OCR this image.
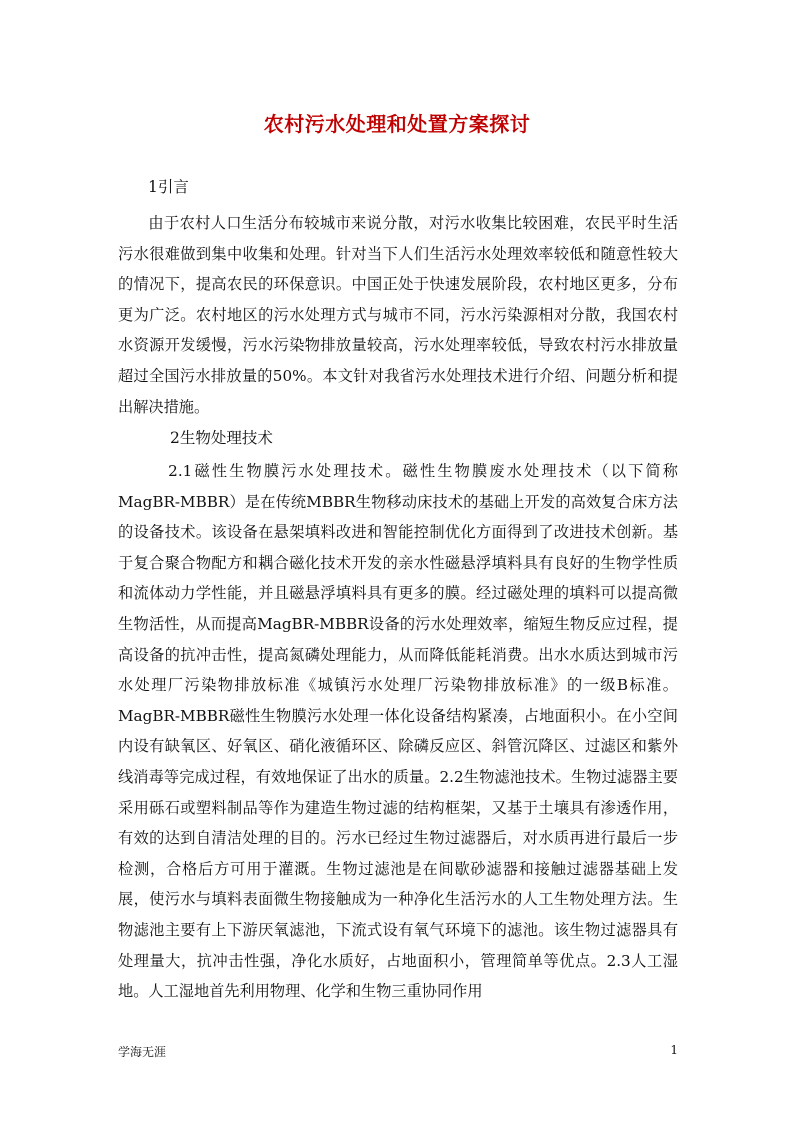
农村污水处理和处置方案探讨
1引言
由于农村人口生活分布较城市来说分散，对污水收集比较困难，农民平时生活污水很难做到集中收集和处理。针对当下人们生活污水处理效率较低和随意性较大的情况下，提高农民的环保意识。中国正处于快速发展阶段，农村地区更多，分布更为广泛。农村地区的污水处理方式与城市不同，污水污染源相对分散，我国农村水资源开发缓慢，污水污染物排放量较高，污水处理率较低，导致农村污水排放量超过全国污水排放量的50%。本文针对我省污水处理技术进行介绍、问题分析和提出解决措施。
2生物处理技术
2.1磁性生物膜污水处理技术。磁性生物膜废水处理技术（以下简称MagBR-MBBR）是在传统MBBR生物移动床技术的基础上开发的高效复合床方法的设备技术。该设备在悬架填料改进和智能控制优化方面得到了改进技术创新。基于复合聚合物配方和耦合磁化技术开发的亲水性磁悬浮填料具有良好的生物学性质和流体动力学性能，并且磁悬浮填料具有更多的膜。经过磁处理的填料可以提高微生物活性，从而提高MagBR-MBBR设备的污水处理效率，缩短生物反应过程，提高设备的抗冲击性，提高氮磷处理能力，从而降低能耗消费。出水水质达到城市污水处理厂污染物排放标准《城镇污水处理厂污染物排放标准》的一级B标准。MagBR-MBBR磁性生物膜污水处理一体化设备结构紧凑，占地面积小。在小空间内设有缺氧区、好氧区、硝化液循环区、除磷反应区、斜管沉降区、过滤区和紫外线消毒等完成过程，有效地保证了出水的质量。2.2生物滤池技术。生物过滤器主要采用砾石或塑料制品等作为建造生物过滤的结构框架，又基于土壤具有渗透作用，有效的达到自清洁处理的目的。污水已经过生物过滤器后，对水质再进行最后一步检测，合格后方可用于灌溉。生物过滤池是在间歇砂滤器和接触过滤器基础上发展，使污水与填料表面微生物接触成为一种净化生活污水的人工生物处理方法。生物滤池主要有上下游厌氧滤池，下流式设有氧气环境下的滤池。该生物过滤器具有处理量大，抗冲击性强，净化水质好，占地面积小，管理简单等优点。2.3人工湿地。人工湿地首先利用物理、化学和生物三重协同作用
学海无涯	1
